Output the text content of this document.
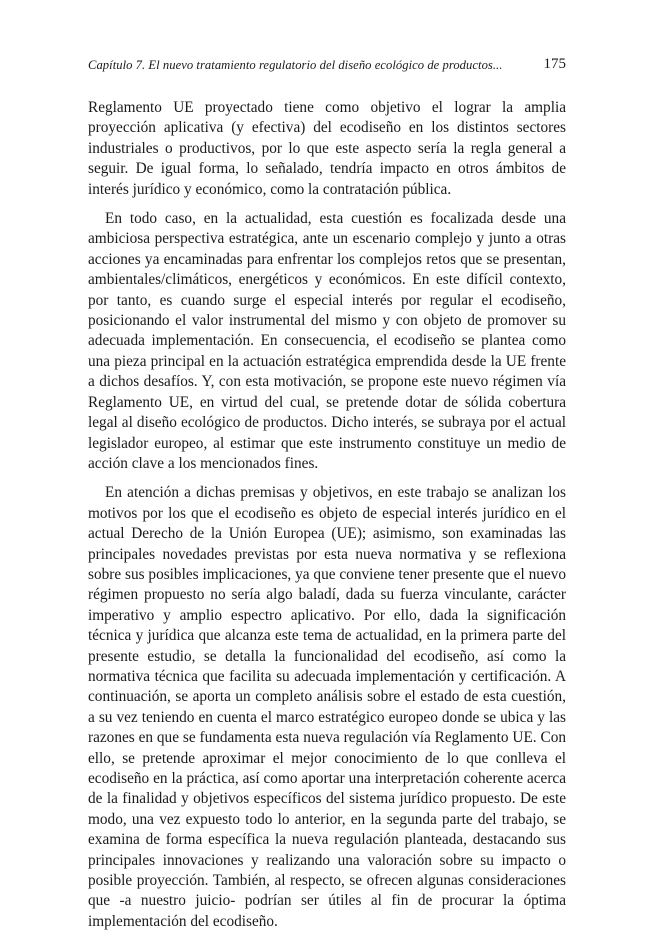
Capítulo 7. El nuevo tratamiento regulatorio del diseño ecológico de productos...	175

Reglamento UE proyectado tiene como objetivo el lograr la amplia proyección aplicativa (y efectiva) del ecodiseño en los distintos sectores industriales o productivos, por lo que este aspecto sería la regla general a seguir. De igual forma, lo señalado, tendría impacto en otros ámbitos de interés jurídico y económico, como la contratación pública.

En todo caso, en la actualidad, esta cuestión es focalizada desde una ambiciosa perspectiva estratégica, ante un escenario complejo y junto a otras acciones ya encaminadas para enfrentar los complejos retos que se presentan, ambientales/climáticos, energéticos y económicos. En este difícil contexto, por tanto, es cuando surge el especial interés por regular el ecodiseño, posicionando el valor instrumental del mismo y con objeto de promover su adecuada implementación. En consecuencia, el ecodiseño se plantea como una pieza principal en la actuación estratégica emprendida desde la UE frente a dichos desafíos. Y, con esta motivación, se propone este nuevo régimen vía Reglamento UE, en virtud del cual, se pretende dotar de sólida cobertura legal al diseño ecológico de productos. Dicho interés, se subraya por el actual legislador europeo, al estimar que este instrumento constituye un medio de acción clave a los mencionados fines.

En atención a dichas premisas y objetivos, en este trabajo se analizan los motivos por los que el ecodiseño es objeto de especial interés jurídico en el actual Derecho de la Unión Europea (UE); asimismo, son examinadas las principales novedades previstas por esta nueva normativa y se reflexiona sobre sus posibles implicaciones, ya que conviene tener presente que el nuevo régimen propuesto no sería algo baladí, dada su fuerza vinculante, carácter imperativo y amplio espectro aplicativo. Por ello, dada la significación técnica y jurídica que alcanza este tema de actualidad, en la primera parte del presente estudio, se detalla la funcionalidad del ecodiseño, así como la normativa técnica que facilita su adecuada implementación y certificación. A continuación, se aporta un completo análisis sobre el estado de esta cuestión, a su vez teniendo en cuenta el marco estratégico europeo donde se ubica y las razones en que se fundamenta esta nueva regulación vía Reglamento UE. Con ello, se pretende aproximar el mejor conocimiento de lo que conlleva el ecodiseño en la práctica, así como aportar una interpretación coherente acerca de la finalidad y objetivos específicos del sistema jurídico propuesto. De este modo, una vez expuesto todo lo anterior, en la segunda parte del trabajo, se examina de forma específica la nueva regulación planteada, destacando sus principales innovaciones y realizando una valoración sobre su impacto o posible proyección. También, al respecto, se ofrecen algunas consideraciones que -a nuestro juicio- podrían ser útiles al fin de procurar la óptima implementación del ecodiseño.
